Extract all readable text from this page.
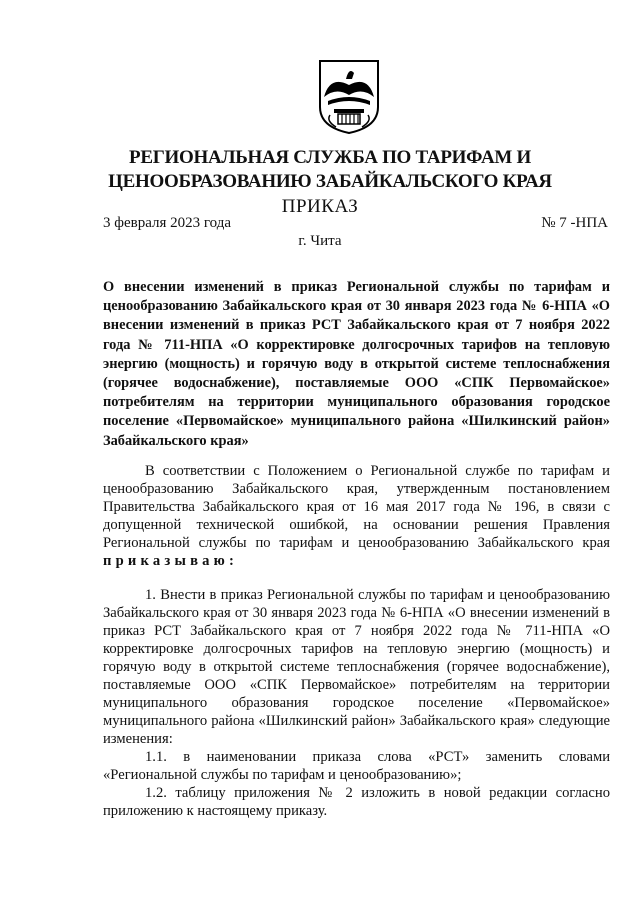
РЕГИОНАЛЬНАЯ СЛУЖБА ПО ТАРИФАМ И
ЦЕНООБРАЗОВАНИЮ ЗАБАЙКАЛЬСКОГО КРАЯ
ПРИКАЗ
3 февраля 2023 года	№ 7 -НПА
г. Чита
О внесении изменений в приказ Региональной службы по тарифам и ценообразованию Забайкальского края от 30 января 2023 года № 6-НПА «О внесении изменений в приказ РСТ Забайкальского края от 7 ноября 2022 года № 711-НПА «О корректировке долгосрочных тарифов на тепловую энергию (мощность) и горячую воду в открытой системе теплоснабжения (горячее водоснабжение), поставляемые ООО «СПК Первомайское» потребителям на территории муниципального образования городское поселение «Первомайское» муниципального района «Шилкинский район» Забайкальского края»

В соответствии с Положением о Региональной службе по тарифам и ценообразованию Забайкальского края, утвержденным постановлением Правительства Забайкальского края от 16 мая 2017 года № 196, в связи с допущенной технической ошибкой, на основании решения Правления Региональной службы по тарифам и ценообразованию Забайкальского края приказываю:

1. Внести в приказ Региональной службы по тарифам и ценообразованию Забайкальского края от 30 января 2023 года № 6-НПА «О внесении изменений в приказ РСТ Забайкальского края от 7 ноября 2022 года № 711-НПА «О корректировке долгосрочных тарифов на тепловую энергию (мощность) и горячую воду в открытой системе теплоснабжения (горячее водоснабжение), поставляемые ООО «СПК Первомайское» потребителям на территории муниципального образования городское поселение «Первомайское» муниципального района «Шилкинский район» Забайкальского края» следующие изменения:

1.1. в наименовании приказа слова «РСТ» заменить словами «Региональной службы по тарифам и ценообразованию»;

1.2. таблицу приложения № 2 изложить в новой редакции согласно приложению к настоящему приказу.
